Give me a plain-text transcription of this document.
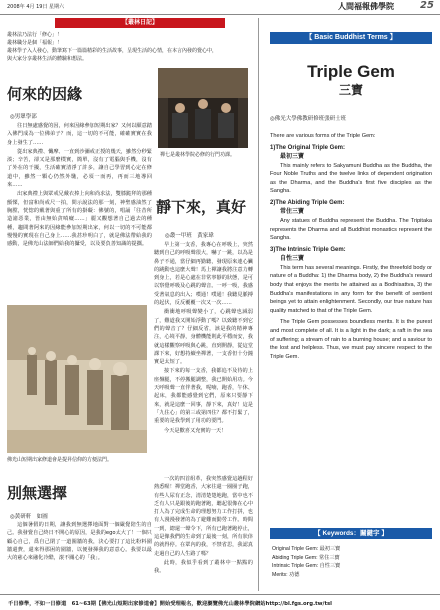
2008年 4月 19日 星期六	人間福報佛學院	25
【叢林日記】

叢林法乃法行「修心」！

叢林職分是個「福報」！

叢林學子入人發心，動筆寫下一篇篇精彩的生活故事，呈現生活的心情，在本言內發的覺心中，

與大家分享叢林生活的體驗和想法。

何來的因緣
◎男眾學部

往日無處感覺的因，何來因緣參加短期出家？又何以願意踏入佛門成為一位佛弟子？而，這一切的不可能，確確實實在我身上發生了……

從出家典禮、懺摩、一直到沙彌戒正授的幾天，雖然分秒緊湊；辛苦，卻又是那麼樸實，簡單，沒有了電腦與手機，沒有了外在的干擾，生活確實清淨了許多，讓自己學習到心定在修道中，雖然一顆心仍然外馳，必須一而再，再而三地導回來……

出家典禮上與眾戒兄戴衣捧上向和尚求法，雙膝跪拜的那種顫慄，但富和尚戒尺一拍，問示說法的那一刻，神聖感油然了胸膛，恍惚的戴著與重了所有的掛礙：佛號的，唱誦「往昔所造諸惡業，皆由無始貪嗔癡……」麗又觀想著自己過去的種種，趨間著阿來的因緣能參加短期出家，何以一切的不可能都慢慢的實現在自己身上……我甚珍明白了，就是佛法帶給我的感動，是佛光山法師們給我的攝受，以及要負善知識的提攜。

禪七是叢林學院必修的行門功課。
靜下來，真好
◎叢一甲班　黃家瑋

早上第一支香，我專心在呼吸上，突然聽到自己的呼吸聲很大，嚇了一跳，以為是鼻子不通，當仔細再勤聽，發現原來連心臟的跳動也這麼大聲！馬上禪讓我將注意力轉到身上，若是心處在非常寧靜的狀態，是可以察覺呼吸及心跳的聲音。一呼一吸，我感受著氣息的出入；噗通！噗通！我聽見脈搏的起伏，反反覆覆一次又一次……

衝衝地呼吸聲變小了，心跳聲也減弱了，難道我又開始浮動了嗎？以致聽不到它們的聲音了？仔細反省，該是我的精神專注，心境平靜，身體機能則此平穩而安，我就這樣觀察呼吸與心跳，直到開靜，從這堂課下來，好想持續坐禪著，一支香但十分鐘實是太短了。

接下來的每一支香，我都追不及待的上座盤腿，不停搬腿調整，我已開始用功。今天呼吸聲一直伴著我，呢喃，跑香，午休、起床，我都能感覺到它們，原來只要靜下來，就是這麼一回事，靜下來，真好！這是「九住心」的第三或第四住？都不打緊了，重要的是我學到了用功的要門。

今天是歡喜又充實的一天！

佛光山短期出家修道會是提昇信仰的方便法門。
別無選擇
◎黃研軒　如圓

這個暑假的日期，讓我到無選擇地面對一個嚴覺陪生的自己。我發覺自己終日不開心的原因，是我的ego太大了！一個只顧心自己，爲自己閉了一道圍牆的我，決心要打了這比粉料圍牆還費，還來得那困的圍牆，以便發揮我的意意心。我要以最大的慈心來融化冷酷，滾不關心的「我」。

一次的四首組革，我突然感覺這趟程好熱悉喔！禪堂跑香，大家往還一圈圈子跑，有些人尿有正念，清清楚楚地跑，當中也不乏有人只是跟後的跑著跑，聽起很像在心中打人為了完成生命的理想努力工作打拼，也有人漫漫發著的為了避難而勤勞工作。時間一到，總還一聲令下，所有已跑著跑停止，這是像我們的生命到了最後一刻，所有狀倖的就得停。在眾內的我，不禁省思，我認真走過自己的人生路了嗎？

此時，我似乎看到了叢林中一點點的我。

【 Basic Buddhist Terms 】
Triple Gem
三寶
◎佛光大學佛教研修班張研士班

There are various forms of the Triple Gem:

1)The Original Triple Gem:
最初三寶

This mainly refers to Sakyamuni Buddha as the Buddha, the Four Noble Truths and the twelve links of dependent origination as the Dharma, and the Buddha's first five disciples as the Sangha.

2)The Abiding Triple Gem:
常住三寶

Any statues of Buddha represent the Buddha. The Tripitaka represents the Dharma and all Buddhist monastics represent the Sangha.

3)The Intrinsic Triple Gem:
自性三寶

This term has several meanings. Firstly, the threefold body or nature of a Buddha: 1) the Dharma body, 2) the Buddha's reward body that enjoys the merits he attained as a Bodhisattva, 3) the Buddha's manifestations in any form for the benefit of sentient beings yet to attain enlightenment. Secondly, our true nature has quality matched to that of the Triple Gem.

The Triple Gem possesses boundless merits. It is the purest and most complete of all. It is a light in the dark; a raft in the sea of suffering; a stream of rain to a burning house; and a saviour to the lost and helpless. Thus, we must pay sincere respect to the Triple Gem.

【 Keywords：關鍵字 】

Original Triple Gem: 最初三寶

Abiding Triple Gem: 常住三寶

Intrinsic Triple Gem: 自性三寶

Merits: 功德

千日修學，不如一日修道　61~63期【佛光山短期出家修道會】開始受理報名，歡迎瀏覽佛光山叢林學院網站http://bl.fgs.org.tw/tsl
